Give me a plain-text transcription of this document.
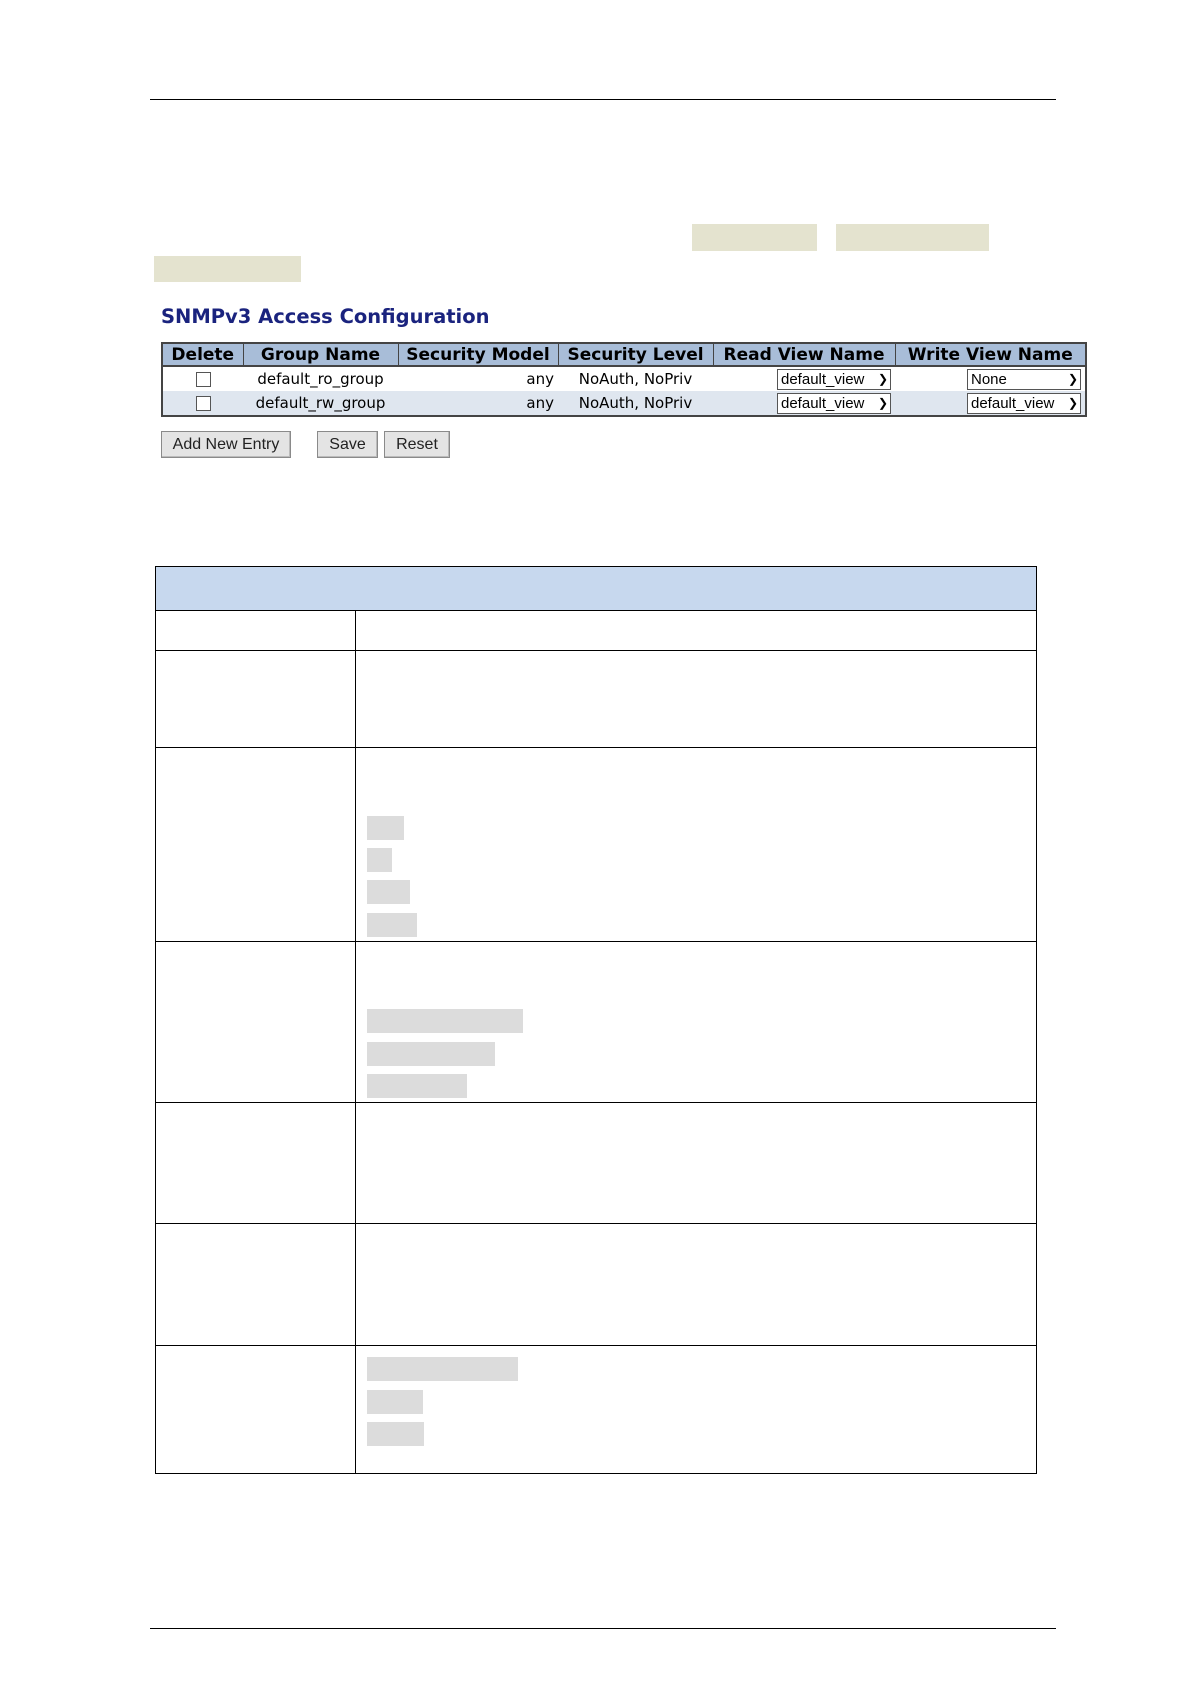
SNMPv3 Access Configuration
Delete	Group Name	Security Model	Security Level	Read View Name	Write View Name
	default_ro_group	any	NoAuth, NoPriv	default_view ❯	None ❯

	default_rw_group	any	NoAuth, NoPriv	default_view ❯	default_view ❯
Add New Entry	Save	Reset
